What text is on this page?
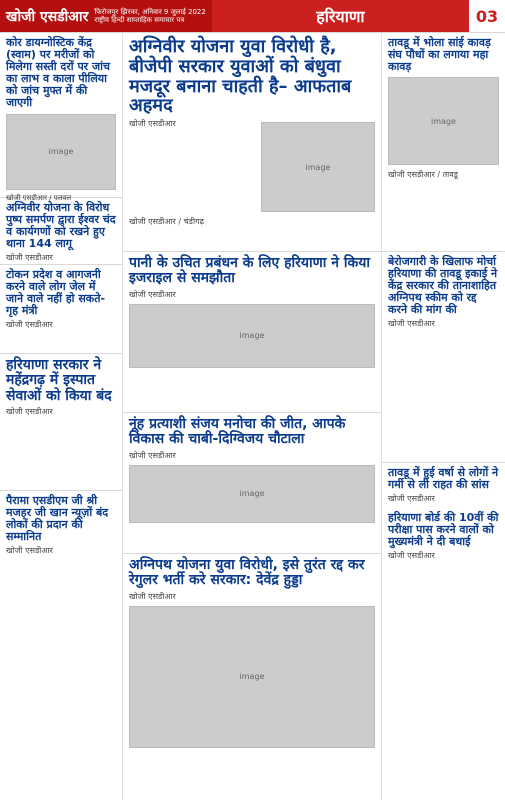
खोजी एसडीआर फिरोजपुर झिरका, अनिवार 9 जुलाई 2022
राष्ट्रीय हिन्दी साप्ताहिक समाचार पत्र	हरियाणा	03
कोर डायग्नोस्टिक केंद्र (स्वाम) पर मरीजों को मिलेगा सस्ती दरों पर जांच का लाभ व काला पीलिया को जांच मुफ्त में की जाएगी
image
खोजी एसडीआर / पलवल
अग्निवीर योजना के विरोध पुष्प समर्पण द्वारा ईश्वर चंद व कार्यगणों को रखने हुए थाना 144 लागू
खोजी एसडीआर
टोकन प्रदेश व आगजनी करने वाले लोग जेल में जाने वाले नहीं हो सकते- गृह मंत्री
खोजी एसडीआर
हरियाणा सरकार ने महेंद्रगढ़ में इस्पात सेवाओं को किया बंद
खोजी एसडीआर
पैरामा एसडीएम जी श्री मजहर जी खान न्यूज़ों बंद लोकों की प्रदान की सम्मानित
खोजी एसडीआर
अग्निवीर योजना युवा विरोधी है, बीजेपी सरकार युवाओं को बंधुवा मजदूर बनाना चाहती है– आफताब अहमद
खोजी एसडीआर
image
खोजी एसडीआर / चंडीगढ़
पानी के उचित प्रबंधन के लिए हरियाणा ने किया इजराइल से समझौता
खोजी एसडीआर
image
नूंह प्रत्याशी संजय मनोचा की जीत, आपके विकास की चाबी-दिग्विजय चौटाला
खोजी एसडीआर
image
अग्निपथ योजना युवा विरोधी, इसे तुरंत रद्द कर रेगुलर भर्ती करे सरकार: देवेंद्र हुड्डा
खोजी एसडीआर
image
तावडू में भोला सांई कावड़ संघ पौधों का लगाया महा कावड़
image
खोजी एसडीआर / तावडू
बेरोजगारी के खिलाफ मोर्चा हरियाणा की तावडू इकाई ने केंद्र सरकार की तानाशाहित अग्निपथ स्कीम को रद्द करने की मांग की
खोजी एसडीआर
तावडू में हुई वर्षा से लोगों ने गर्मी से ली राहत की सांस
खोजी एसडीआर
हरियाणा बोर्ड की 10वीं की परीक्षा पास करने वालों को मुख्यमंत्री ने दी बधाई
खोजी एसडीआर
